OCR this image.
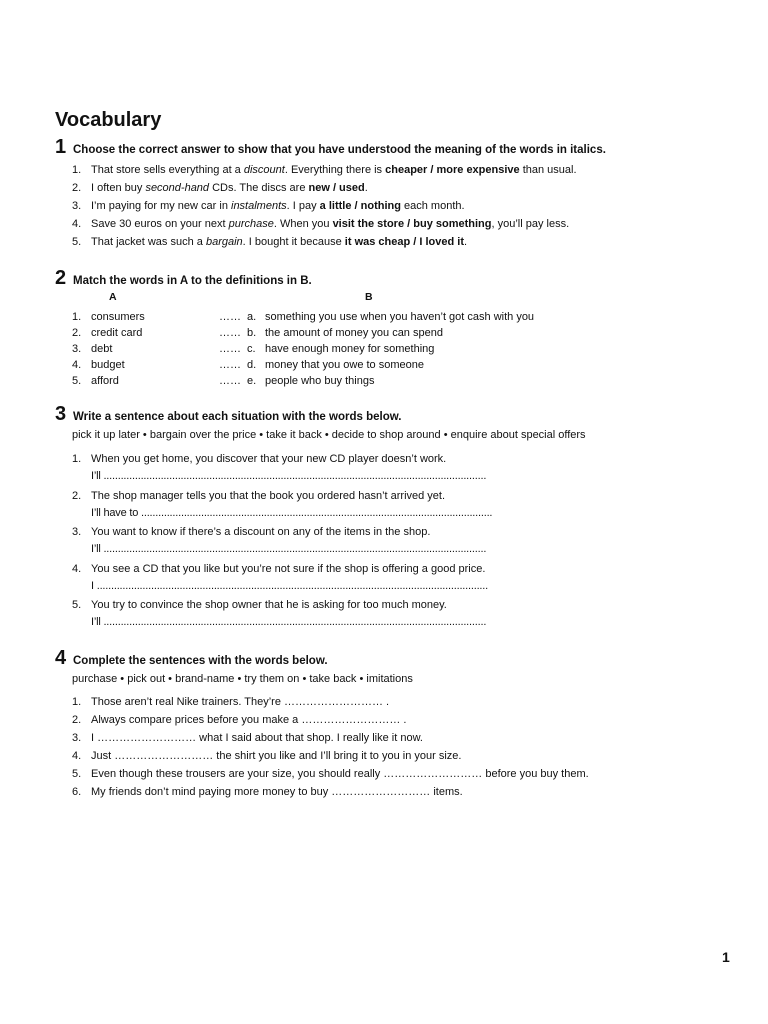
Vocabulary
1 Choose the correct answer to show that you have understood the meaning of the words in italics.
1. That store sells everything at a discount. Everything there is cheaper / more expensive than usual.
2. I often buy second-hand CDs. The discs are new / used.
3. I’m paying for my new car in instalments. I pay a little / nothing each month.
4. Save 30 euros on your next purchase. When you visit the store / buy something, you’ll pay less.
5. That jacket was such a bargain. I bought it because it was cheap / I loved it.
2 Match the words in A to the definitions in B.
A	B
1. consumers	…… a. something you use when you haven’t got cash with you
2. credit card	…… b. the amount of money you can spend
3. debt	…… c. have enough money for something
4. budget	…… d. money that you owe to someone
5. afford	…… e. people who buy things
3 Write a sentence about each situation with the words below.
pick it up later • bargain over the price • take it back • decide to shop around • enquire about special offers
1. When you get home, you discover that your new CD player doesn’t work.
I’ll ......................................................................................................................................
2. The shop manager tells you that the book you ordered hasn’t arrived yet.
I’ll have to ...........................................................................................................................
3. You want to know if there’s a discount on any of the items in the shop.
I’ll ......................................................................................................................................
4. You see a CD that you like but you’re not sure if the shop is offering a good price.
I .........................................................................................................................................
5. You try to convince the shop owner that he is asking for too much money.
I’ll ......................................................................................................................................
4 Complete the sentences with the words below.
purchase • pick out • brand-name • try them on • take back • imitations
1. Those aren’t real Nike trainers. They’re ……………………… .
2. Always compare prices before you make a ……………………… .
3. I ……………………… what I said about that shop. I really like it now.
4. Just ……………………… the shirt you like and I’ll bring it to you in your size.
5. Even though these trousers are your size, you should really ……………………… before you buy them.
6. My friends don’t mind paying more money to buy ……………………… items.
1
